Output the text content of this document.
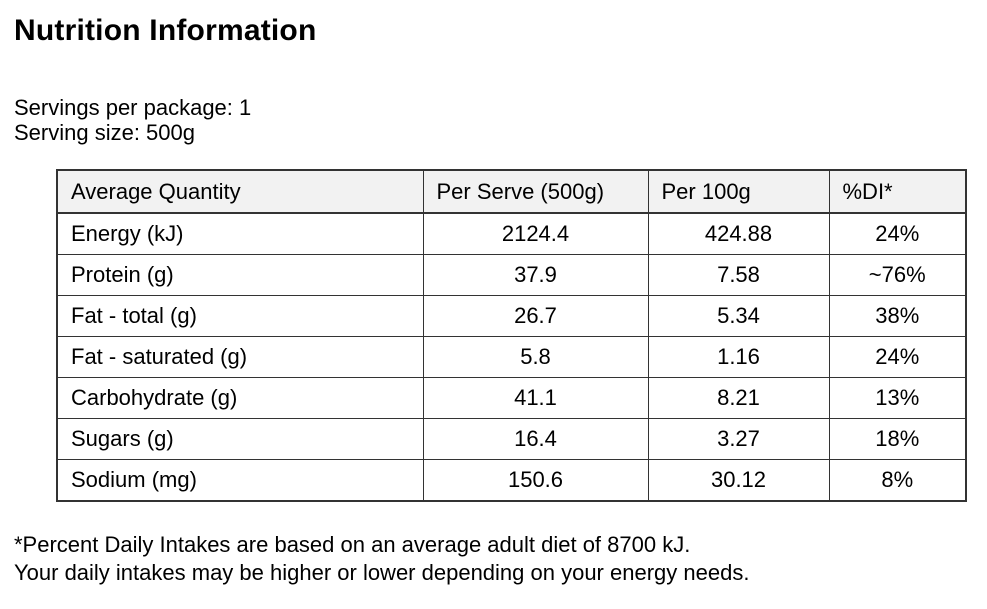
Nutrition Information
Servings per package: 1
Serving size: 500g
Average Quantity	Per Serve (500g)	Per 100g	%DI*
Energy (kJ)	2124.4	424.88	24%
Protein (g)	37.9	7.58	~76%
Fat - total (g)	26.7	5.34	38%
Fat - saturated (g)	5.8	1.16	24%
Carbohydrate (g)	41.1	8.21	13%
Sugars (g)	16.4	3.27	18%
Sodium (mg)	150.6	30.12	8%
*Percent Daily Intakes are based on an average adult diet of 8700 kJ.
Your daily intakes may be higher or lower depending on your energy needs.
